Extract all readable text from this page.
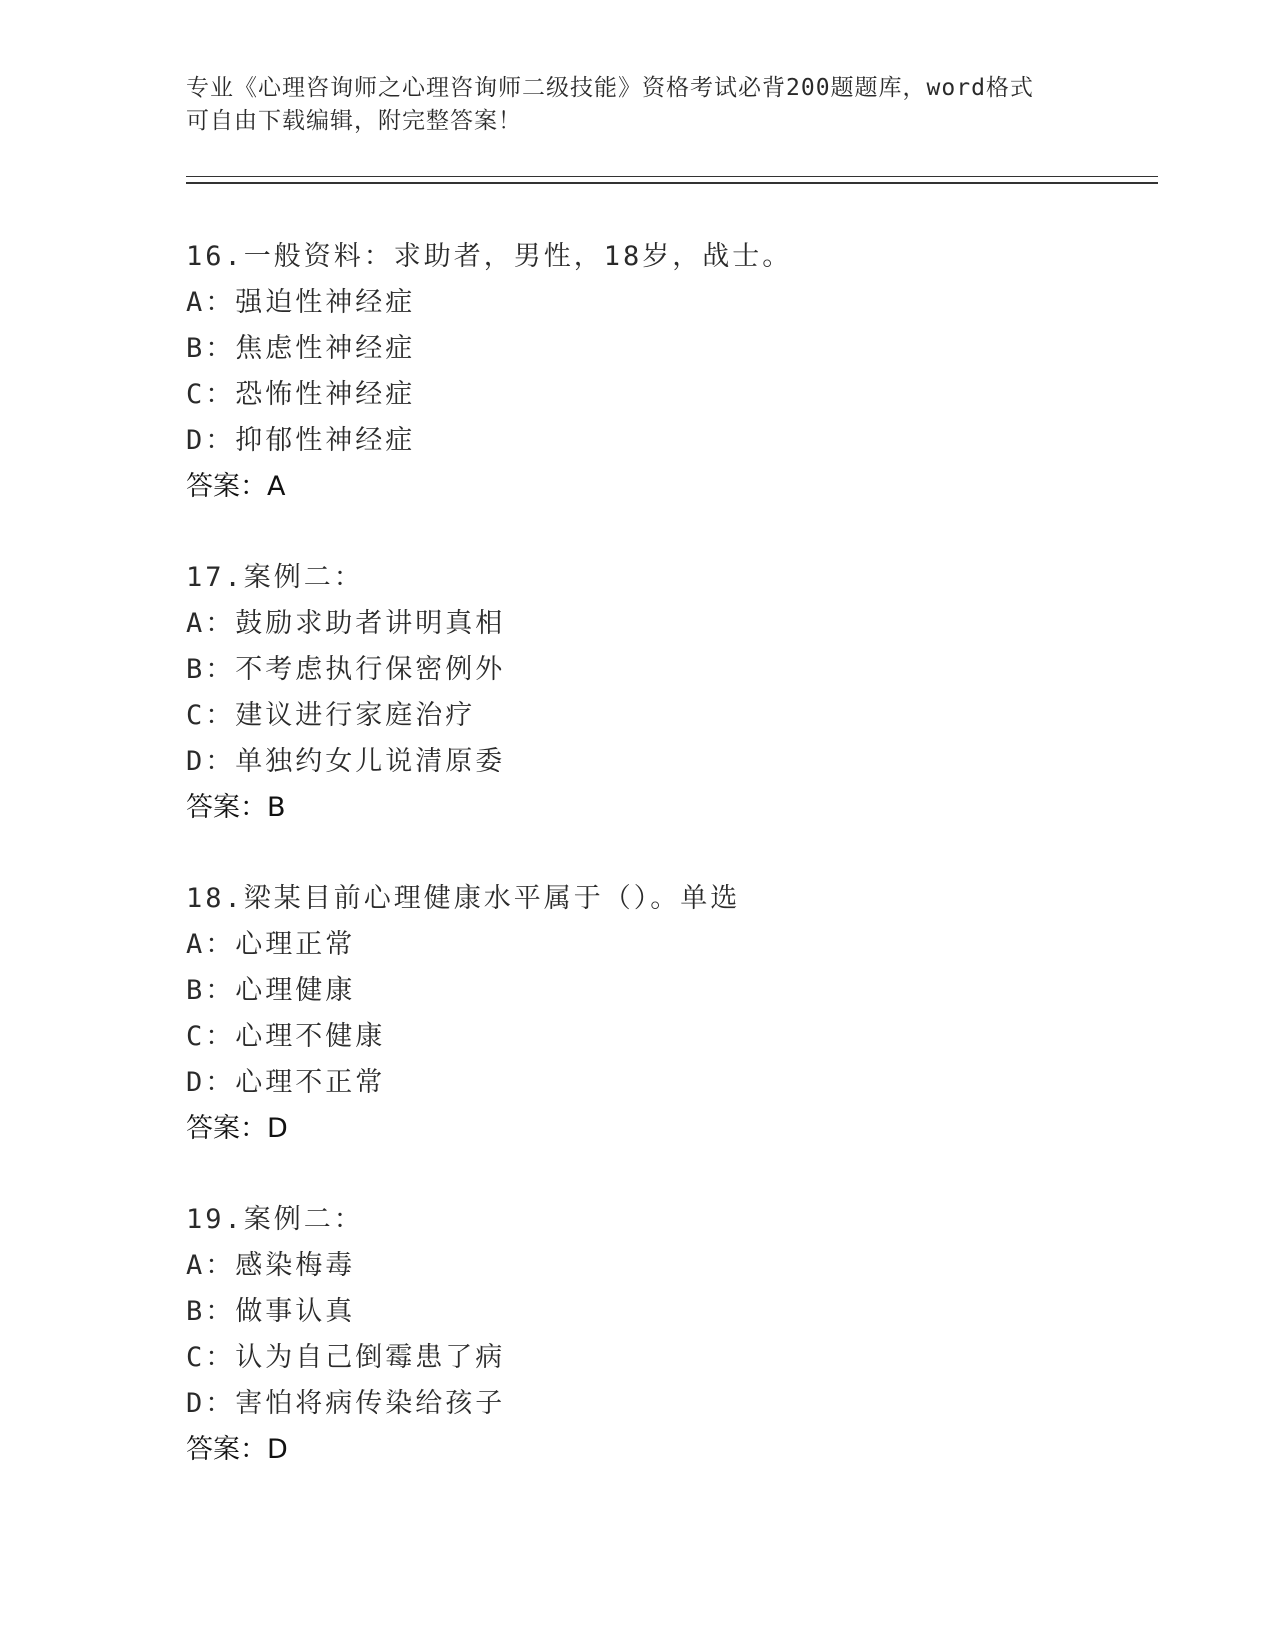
专业《心理咨询师之心理咨询师二级技能》资格考试必背200题题库，word格式
可自由下载编辑，附完整答案！
16.一般资料：求助者，男性，18岁，战士。
A：强迫性神经症
B：焦虑性神经症
C：恐怖性神经症
D：抑郁性神经症
答案：A
17.案例二：
A：鼓励求助者讲明真相
B：不考虑执行保密例外
C：建议进行家庭治疗
D：单独约女儿说清原委
答案：B
18.梁某目前心理健康水平属于（）。单选
A：心理正常
B：心理健康
C：心理不健康
D：心理不正常
答案：D
19.案例二：
A：感染梅毒
B：做事认真
C：认为自己倒霉患了病
D：害怕将病传染给孩子
答案：D
